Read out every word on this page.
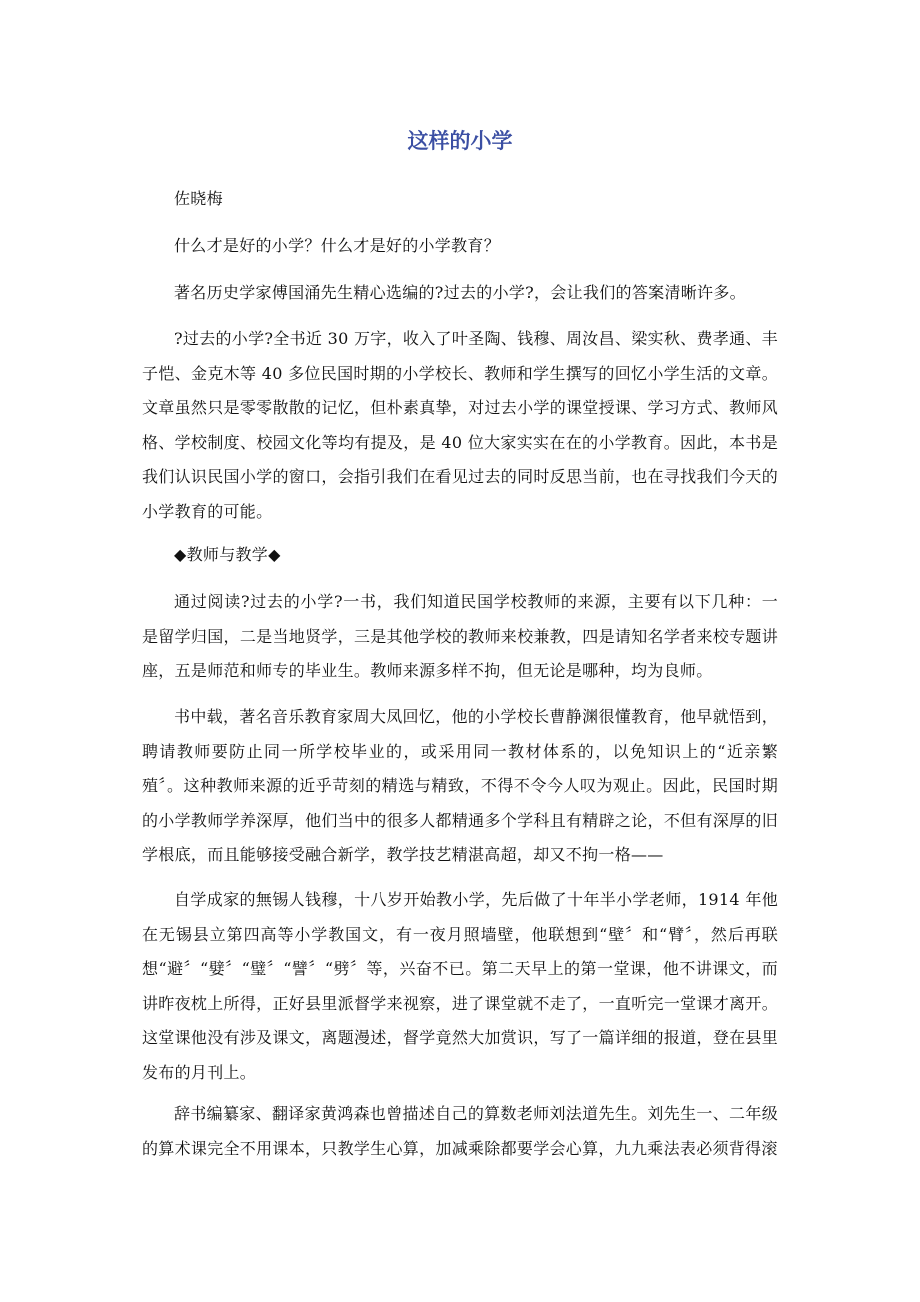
这样的小学

佐晓梅

什么才是好的小学？什么才是好的小学教育？

著名历史学家傅国涌先生精心选编的?过去的小学?，会让我们的答案清晰许多。

?过去的小学?全书近 30 万字，收入了叶圣陶、钱穆、周汝昌、梁实秋、费孝通、丰子恺、金克木等 40 多位民国时期的小学校长、教师和学生撰写的回忆小学生活的文章。文章虽然只是零零散散的记忆，但朴素真挚，对过去小学的课堂授课、学习方式、教师风格、学校制度、校园文化等均有提及，是 40 位大家实实在在的小学教育。因此，本书是我们认识民国小学的窗口，会指引我们在看见过去的同时反思当前，也在寻找我们今天的小学教育的可能。

◆教师与教学◆

通过阅读?过去的小学?一书，我们知道民国学校教师的来源，主要有以下几种：一是留学归国，二是当地贤学，三是其他学校的教师来校兼教，四是请知名学者来校专题讲座，五是师范和师专的毕业生。教师来源多样不拘，但无论是哪种，均为良师。

书中载，著名音乐教育家周大凤回忆，他的小学校长曹静渊很懂教育，他早就悟到，聘请教师要防止同一所学校毕业的，或采用同一教材体系的，以免知识上的“近亲繁殖〞。这种教师来源的近乎苛刻的精选与精致，不得不令今人叹为观止。因此，民国时期的小学教师学养深厚，他们当中的很多人都精通多个学科且有精辟之论，不但有深厚的旧学根底，而且能够接受融合新学，教学技艺精湛高超，却又不拘一格——

自学成家的無锡人钱穆，十八岁开始教小学，先后做了十年半小学老师，1914 年他在无锡县立第四高等小学教国文，有一夜月照墙壁，他联想到“壁〞和“臂〞，然后再联想“避〞“嬖〞“璧〞“譬〞“劈〞等，兴奋不已。第二天早上的第一堂课，他不讲课文，而讲昨夜枕上所得，正好县里派督学来视察，进了课堂就不走了，一直听完一堂课才离开。这堂课他没有涉及课文，离题漫述，督学竟然大加赏识，写了一篇详细的报道，登在县里发布的月刊上。

辞书编纂家、翻译家黄鸿森也曾描述自己的算数老师刘法道先生。刘先生一、二年级的算术课完全不用课本，只教学生心算，加减乘除都要学会心算，九九乘法表必须背得滚
